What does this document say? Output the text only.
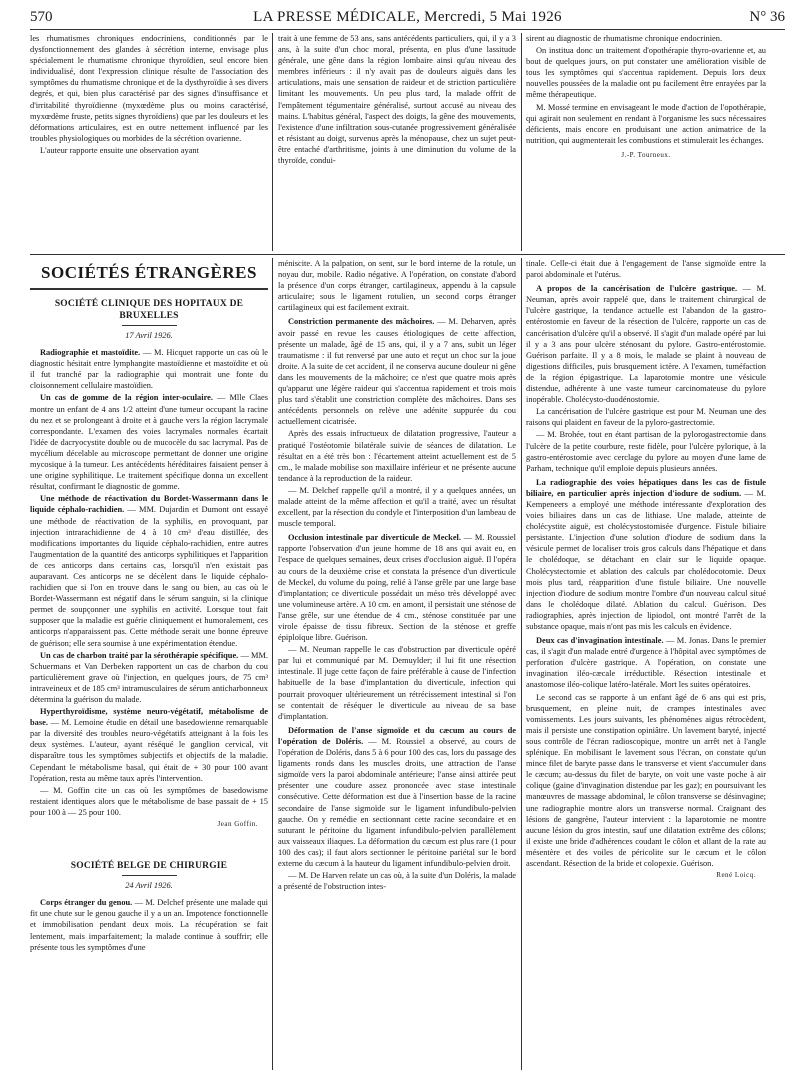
570	LA PRESSE MÉDICALE, Mercredi, 5 Mai 1926	N° 36

les rhumatismes chroniques endocriniens, conditionnés par le dysfonctionnement des glandes à sécrétion interne, envisage plus spécialement le rhumatisme chronique thyroïdien, seul encore bien individualisé, dont l'expression clinique résulte de l'association des symptômes du rhumatisme chronique et de la dysthyroïdie à ses divers degrés, et qui, bien plus caractérisé par des signes d'insuffisance et d'irritabilité thyroïdienne (myxœdème plus ou moins caractérisé, myxœdème fruste, petits signes thyroïdiens) que par les douleurs et les déformations articulaires, est en outre nettement influencé par les troubles physiologiques ou morbides de la sécrétion ovarienne.

L'auteur rapporte ensuite une observation ayant

trait à une femme de 53 ans, sans antécédents particuliers, qui, il y a 3 ans, à la suite d'un choc moral, présenta, en plus d'une lassitude générale, une gêne dans la région lombaire ainsi qu'au niveau des membres inférieurs : il n'y avait pas de douleurs aiguës dans les articulations, mais une sensation de raideur et de striction particulière limitant les mouvements. Un peu plus tard, la malade offrit de l'empâtement tégumentaire généralisé, surtout accusé au niveau des mains. L'habitus général, l'aspect des doigts, la gêne des mouvements, l'existence d'une infiltration sous-cutanée progressivement généralisée et résistant au doigt, survenus après la ménopause, chez un sujet peut-être entaché d'arthritisme, joints à une diminution du volume de la thyroïde, condui-

sirent au diagnostic de rhumatisme chronique endocrinien.

On institua donc un traitement d'opothérapie thyro-ovarienne et, au bout de quelques jours, on put constater une amélioration visible de tous les symptômes qui s'accentua rapidement. Depuis lors deux nouvelles poussées de la maladie ont pu facilement être enrayées par la même thérapeutique.

M. Mossé termine en envisageant le mode d'action de l'opothérapie, qui agirait non seulement en rendant à l'organisme les sucs nécessaires déficients, mais encore en produisant une action animatrice de la nutrition, qui augmenterait les combustions et stimulerait les échanges.

J.-P. Tourneux.
SOCIÉTÉS ÉTRANGÈRES
SOCIÉTÉ CLINIQUE DES HOPITAUX DE BRUXELLES
17 Avril 1926.

Radiographie et mastoïdite. — M. Hicquet rapporte un cas où le diagnostic hésitait entre lymphangite mastoïdienne et mastoïdite et où il fut tranché par la radiographie qui montrait une fonte du cloisonnement cellulaire mastoïdien.

Un cas de gomme de la région inter-oculaire. — Mlle Claes montre un enfant de 4 ans 1/2 atteint d'une tumeur occupant la racine du nez et se prolongeant à droite et à gauche vers la région lacrymale correspondante. L'examen des voies lacrymales normales écartait l'idée de dacryocystite double ou de mucocèle du sac lacrymal. Pas de mycélium décelable au microscope permettant de donner une origine mycosique à la tumeur. Les antécédents héréditaires faisaient penser à une origine syphilitique. Le traitement spécifique donna un excellent résultat, confirmant le diagnostic de gomme.

Une méthode de réactivation du Bordet-Wassermann dans le liquide céphalo-rachidien. — MM. Dujardin et Dumont ont essayé une méthode de réactivation de la syphilis, en provoquant, par injection intrarachidienne de 4 à 10 cm³ d'eau distillée, des modifications importantes du liquide céphalo-rachidien, entre autres l'augmentation de la quantité des anticorps syphilitiques et l'apparition de ces anticorps dans certains cas, lorsqu'il n'en existait pas auparavant. Ces anticorps ne se décèlent dans le liquide céphalo-rachidien que si l'on en trouve dans le sang ou bien, au cas où le Bordet-Wassermann est négatif dans le sérum sanguin, si la clinique permet de soupçonner une syphilis en activité. Lorsque tout fait supposer que la maladie est guérie cliniquement et humoralement, ces anticorps n'apparaissent pas. Cette méthode serait une bonne épreuve de guérison; elle sera soumise à une expérimentation étendue.

Un cas de charbon traité par la sérothérapie spécifique. — MM. Schuermans et Van Derbeken rapportent un cas de charbon du cou particulièrement grave où l'injection, en quelques jours, de 75 cm³ intraveineux et de 185 cm³ intramusculaires de sérum anticharbonneux détermina la guérison du malade.

Hyperthyroïdisme, système neuro-végétatif, métabolisme de base. — M. Lemoine étudie en détail une basedowienne remarquable par la diversité des troubles neuro-végétatifs atteignant à la fois les deux systèmes. L'auteur, ayant réséqué le ganglion cervical, vit disparaître tous les symptômes subjectifs et objectifs de la maladie. Cependant le métabolisme basal, qui était de + 30 pour 100 avant l'opération, resta au même taux après l'intervention.

— M. Goffin cite un cas où les symptômes de basedowisme restaient identiques alors que le métabolisme de base passait de + 15 pour 100 à — 25 pour 100.

Jean Goffin.
SOCIÉTÉ BELGE DE CHIRURGIE
24 Avril 1926.

Corps étranger du genou. — M. Delchef présente une malade qui fit une chute sur le genou gauche il y a un an. Impotence fonctionnelle et immobilisation pendant deux mois. La récupération se fait lentement, mais imparfaitement; la malade continue à souffrir; elle présente tous les symptômes d'une

méniscite. A la palpation, on sent, sur le bord interne de la rotule, un noyau dur, mobile. Radio négative. A l'opération, on constate d'abord la présence d'un corps étranger, cartilagineux, appendu à la capsule articulaire; sous le ligament rotulien, un second corps étranger cartilagineux qui est facilement extrait.

Constriction permanente des mâchoires. — M. Deharven, après avoir passé en revue les causes étiologiques de cette affection, présente un malade, âgé de 15 ans, qui, il y a 7 ans, subit un léger traumatisme : il fut renversé par une auto et reçut un choc sur la joue droite. A la suite de cet accident, il ne conserva aucune douleur ni gêne dans les mouvements de la mâchoire; ce n'est que quatre mois après qu'apparut une légère raideur qui s'accentua rapidement et trois mois plus tard s'établit une constriction complète des mâchoires. Dans ses antécédents personnels on relève une adénite suppurée du cou actuellement cicatrisée.

Après des essais infructueux de dilatation progressive, l'auteur a pratiqué l'ostéotomie bilatérale suivie de séances de dilatation. Le résultat en a été très bon : l'écartement atteint actuellement est de 5 cm., le malade mobilise son maxillaire inférieur et ne présente aucune tendance à la reproduction de la raideur.

— M. Delchef rappelle qu'il a montré, il y a quelques années, un malade atteint de la même affection et qu'il a traité, avec un résultat excellent, par la résection du condyle et l'interposition d'un lambeau de muscle temporal.

Occlusion intestinale par diverticule de Meckel. — M. Roussiel rapporte l'observation d'un jeune homme de 18 ans qui avait eu, en l'espace de quelques semaines, deux crises d'occlusion aiguë. Il l'opéra au cours de la deuxième crise et constata la présence d'un diverticule de Meckel, du volume du poing, relié à l'anse grêle par une large base d'implantation; ce diverticule possédait un méso très développé avec une volumineuse artère. A 10 cm. en amont, il persistait une sténose de l'anse grêle, sur une étendue de 4 cm., sténose constituée par une virole épaisse de tissu fibreux. Section de la sténose et greffe épiploïque libre. Guérison.

— M. Neuman rappelle le cas d'obstruction par diverticule opéré par lui et communiqué par M. Demuylder; il lui fit une résection intestinale. Il juge cette façon de faire préférable à cause de l'infection habituelle de la base d'implantation du diverticule, infection qui pourrait provoquer ultérieurement un rétrécissement intestinal si l'on se contentait de réséquer le diverticule au niveau de sa base d'implantation.

Déformation de l'anse sigmoïde et du cæcum au cours de l'opération de Doléris. — M. Roussiel a observé, au cours de l'opération de Doléris, dans 5 à 6 pour 100 des cas, lors du passage des ligaments ronds dans les muscles droits, une attraction de l'anse sigmoïde vers la paroi abdominale antérieure; l'anse ainsi attirée peut présenter une coudure assez prononcée avec stase intestinale consécutive. Cette déformation est due à l'insertion basse de la racine secondaire de l'anse sigmoïde sur le ligament infundibulo-pelvien gauche. On y remédie en sectionnant cette racine secondaire et en suturant le péritoine du ligament infundibulo-pelvien parallèlement aux vaisseaux iliaques. La déformation du cæcum est plus rare (1 pour 100 des cas); il faut alors sectionner le péritoine pariétal sur le bord externe du cæcum à la hauteur du ligament infundibulo-pelvien droit.

— M. De Harven relate un cas où, à la suite d'un Doléris, la malade a présenté de l'obstruction intes-

tinale. Celle-ci était due à l'engagement de l'anse sigmoïde entre la paroi abdominale et l'utérus.

A propos de la cancérisation de l'ulcère gastrique. — M. Neuman, après avoir rappelé que, dans le traitement chirurgical de l'ulcère gastrique, la tendance actuelle est l'abandon de la gastro-entérostomie en faveur de la résection de l'ulcère, rapporte un cas de cancérisation d'ulcère qu'il a observé. Il s'agit d'un malade opéré par lui il y a 3 ans pour ulcère sténosant du pylore. Gastro-entérostomie. Guérison parfaite. Il y a 8 mois, le malade se plaint à nouveau de digestions difficiles, puis brusquement ictère. A l'examen, tuméfaction de la région épigastrique. La laparotomie montre une vésicule distendue, adhérente à une vaste tumeur carcinomateuse du pylore inopérable. Cholécysto-duodénostomie.

La cancérisation de l'ulcère gastrique est pour M. Neuman une des raisons qui plaident en faveur de la pyloro-gastrectomie.

— M. Brohée, tout en étant partisan de la pylorogastrectomie dans l'ulcère de la petite courbure, reste fidèle, pour l'ulcère pylorique, à la gastro-entérostomie avec cerclage du pylore au moyen d'une lame de Parham, technique qu'il emploie depuis plusieurs années.

La radiographie des voies hépatiques dans les cas de fistule biliaire, en particulier après injection d'iodure de sodium. — M. Kempeneers a employé une méthode intéressante d'exploration des voies biliaires dans un cas de lithiase. Une malade, atteinte de cholécystite aiguë, est cholécystostomisée d'urgence. Fistule biliaire persistante. L'injection d'une solution d'iodure de sodium dans la vésicule permet de localiser trois gros calculs dans l'hépatique et dans le cholédoque, se détachant en clair sur le liquide opaque. Cholécystectomie et ablation des calculs par cholédocotomie. Deux mois plus tard, réapparition d'une fistule biliaire. Une nouvelle injection d'iodure de sodium montre l'ombre d'un nouveau calcul situé dans le cholédoque dilaté. Ablation du calcul. Guérison. Des radiographies, après injection de lipiodol, ont montré l'arrêt de la substance opaque, mais n'ont pas mis les calculs en évidence.

Deux cas d'invagination intestinale. — M. Jonas. Dans le premier cas, il s'agit d'un malade entré d'urgence à l'hôpital avec symptômes de perforation d'ulcère gastrique. A l'opération, on constate une invagination iléo-cæcale irréductible. Résection intestinale et anastomose iléo-colique latéro-latérale. Mort les suites opératoires.

Le second cas se rapporte à un enfant âgé de 6 ans qui est pris, brusquement, en pleine nuit, de crampes intestinales avec vomissements. Les jours suivants, les phénomènes aigus rétrocèdent, mais il persiste une constipation opiniâtre. Un lavement baryté, injecté sous contrôle de l'écran radioscopique, montre un arrêt net à l'angle splénique. En mobilisant le lavement sous l'écran, on constate qu'un mince filet de baryte passe dans le transverse et vient s'accumuler dans le cæcum; au-dessus du filet de baryte, on voit une vaste poche à air colique (gaine d'invagination distendue par les gaz); en poursuivant les manœuvres de massage abdominal, le côlon transverse se désinvagine; une radiographie montre alors un transverse normal. Craignant des lésions de gangrène, l'auteur intervient : la laparotomie ne montre aucune lésion du gros intestin, sauf une dilatation extrême des côlons; il existe une bride d'adhérences coudant le côlon et allant de la rate au mésentère et des voiles de péricolite sur le cæcum et le côlon ascendant. Résection de la bride et colopexie. Guérison.

René Loicq.
